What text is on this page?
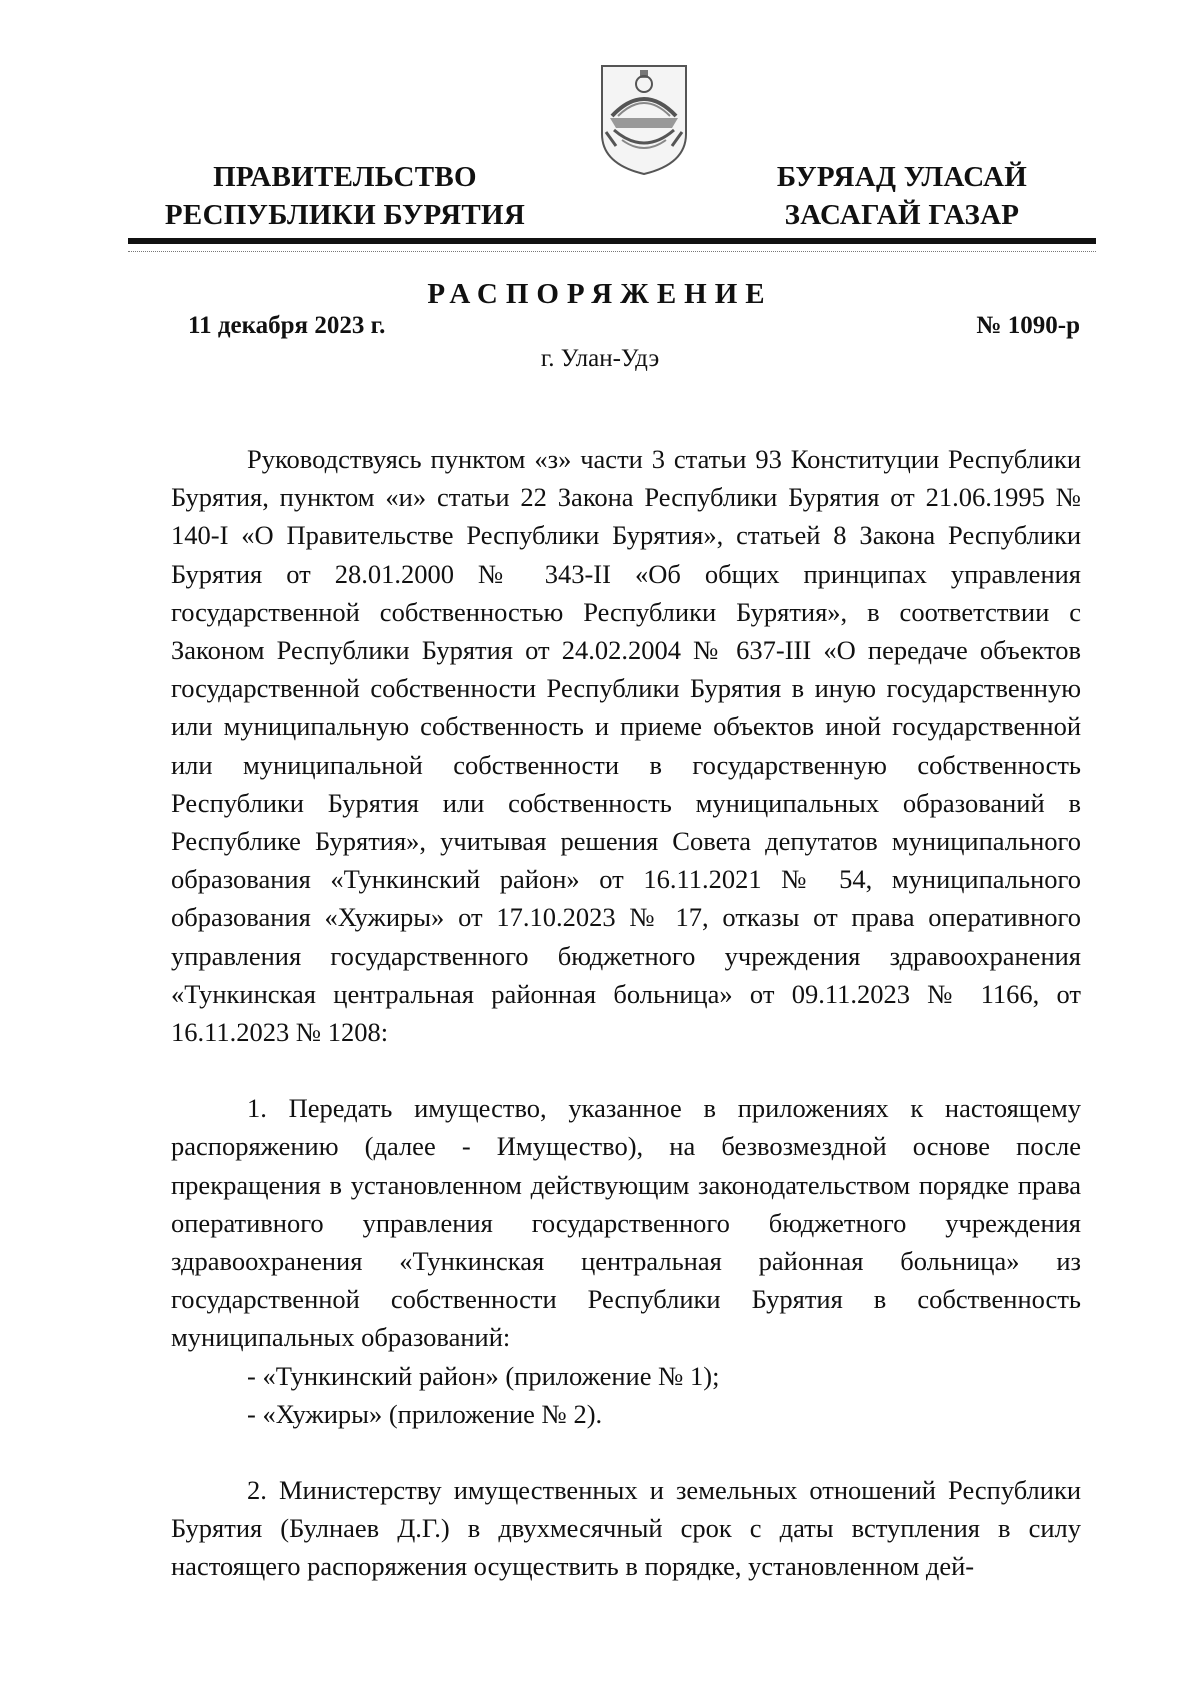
ПРАВИТЕЛЬСТВО
РЕСПУБЛИКИ БУРЯТИЯ
БУРЯАД УЛАСАЙ
ЗАСАГАЙ ГАЗАР
РАСПОРЯЖЕНИЕ
11 декабря 2023 г.	№ 1090-р
г. Улан-Удэ

Руководствуясь пунктом «з» части 3 статьи 93 Конституции Республики Бурятия, пунктом «и» статьи 22 Закона Республики Бурятия от 21.06.1995 № 140-I «О Правительстве Республики Бурятия», статьей 8 Закона Республики Бурятия от 28.01.2000 № 343-II «Об общих принципах управления государственной собственностью Республики Бурятия», в соответствии с Законом Республики Бурятия от 24.02.2004 № 637-III «О передаче объектов государственной собственности Республики Бурятия в иную государственную или муниципальную собственность и приеме объектов иной государственной или муниципальной собственности в государственную собственность Республики Бурятия или собственность муниципальных образований в Республике Бурятия», учитывая решения Совета депутатов муниципального образования «Тункинский район» от 16.11.2021 № 54, муниципального образования «Хужиры» от 17.10.2023 № 17, отказы от права оперативного управления государственного бюджетного учреждения здравоохранения «Тункинская центральная районная больница» от 09.11.2023 № 1166, от 16.11.2023 № 1208:

1. Передать имущество, указанное в приложениях к настоящему распоряжению (далее - Имущество), на безвозмездной основе после прекращения в установленном действующим законодательством порядке права оперативного управления государственного бюджетного учреждения здравоохранения «Тункинская центральная районная больница» из государственной собственности Республики Бурятия в собственность муниципальных образований:

- «Тункинский район» (приложение № 1);

- «Хужиры» (приложение № 2).

2. Министерству имущественных и земельных отношений Республики Бурятия (Булнаев Д.Г.) в двухмесячный срок с даты вступления в силу настоящего распоряжения осуществить в порядке, установленном дей-
